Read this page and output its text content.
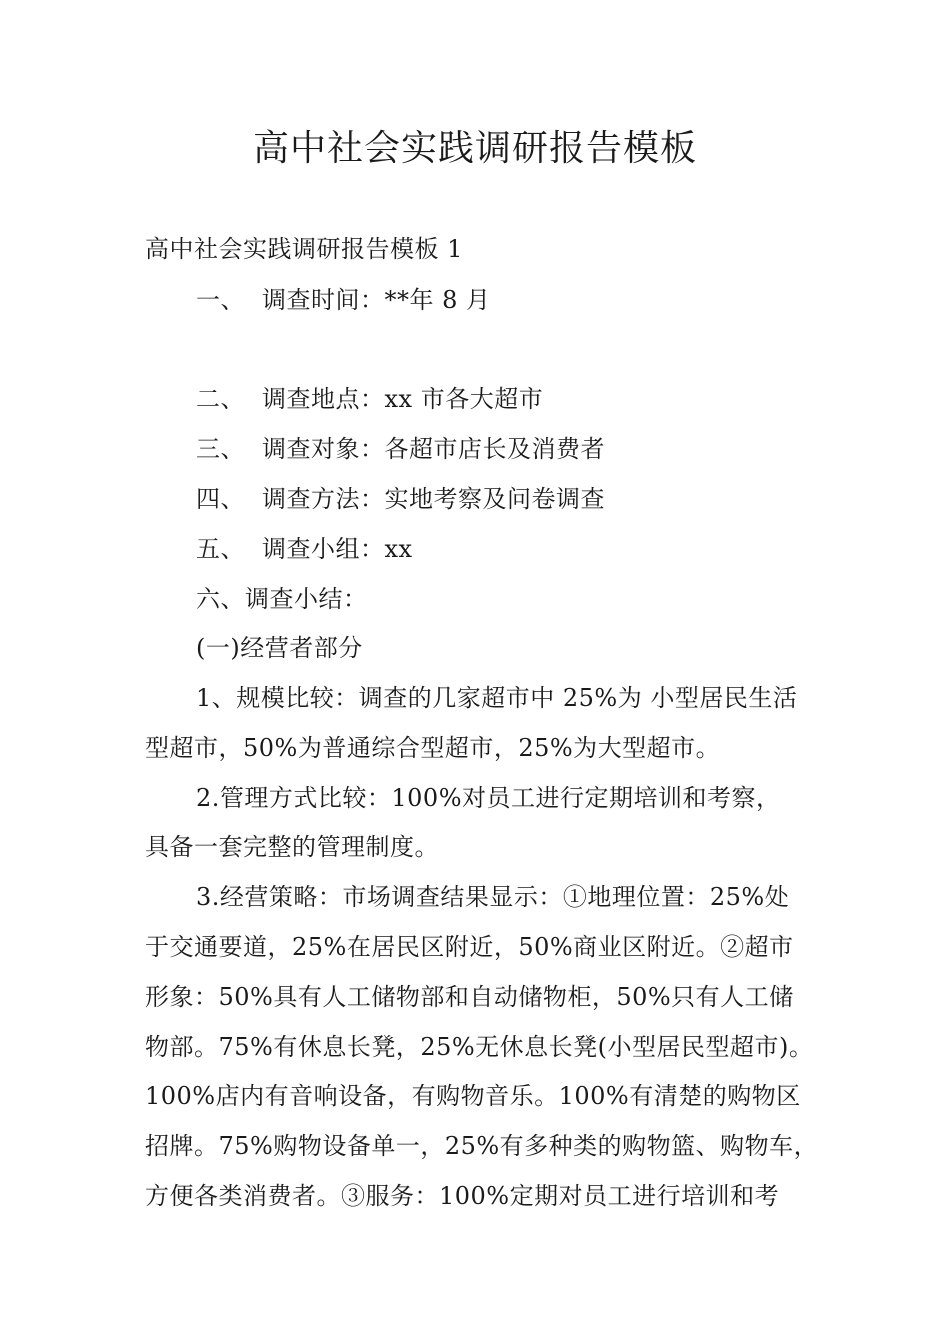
高中社会实践调研报告模板
高中社会实践调研报告模板 1
一、 调查时间：**年 8 月
二、 调查地点：xx 市各大超市
三、 调查对象：各超市店长及消费者
四、 调查方法：实地考察及问卷调查
五、 调查小组：xx
六、调查小结：
(一)经营者部分
1、规模比较：调查的几家超市中 25%为 小型居民生活
型超市，50%为普通综合型超市，25%为大型超市。
2.管理方式比较：100%对员工进行定期培训和考察，
具备一套完整的管理制度。
3.经营策略：市场调查结果显示：①地理位置：25%处
于交通要道，25%在居民区附近，50%商业区附近。②超市
形象：50%具有人工储物部和自动储物柜，50%只有人工储
物部。75%有休息长凳，25%无休息长凳(小型居民型超市)。
100%店内有音响设备，有购物音乐。100%有清楚的购物区
招牌。75%购物设备单一，25%有多种类的购物篮、购物车，
方便各类消费者。③服务：100%定期对员工进行培训和考
